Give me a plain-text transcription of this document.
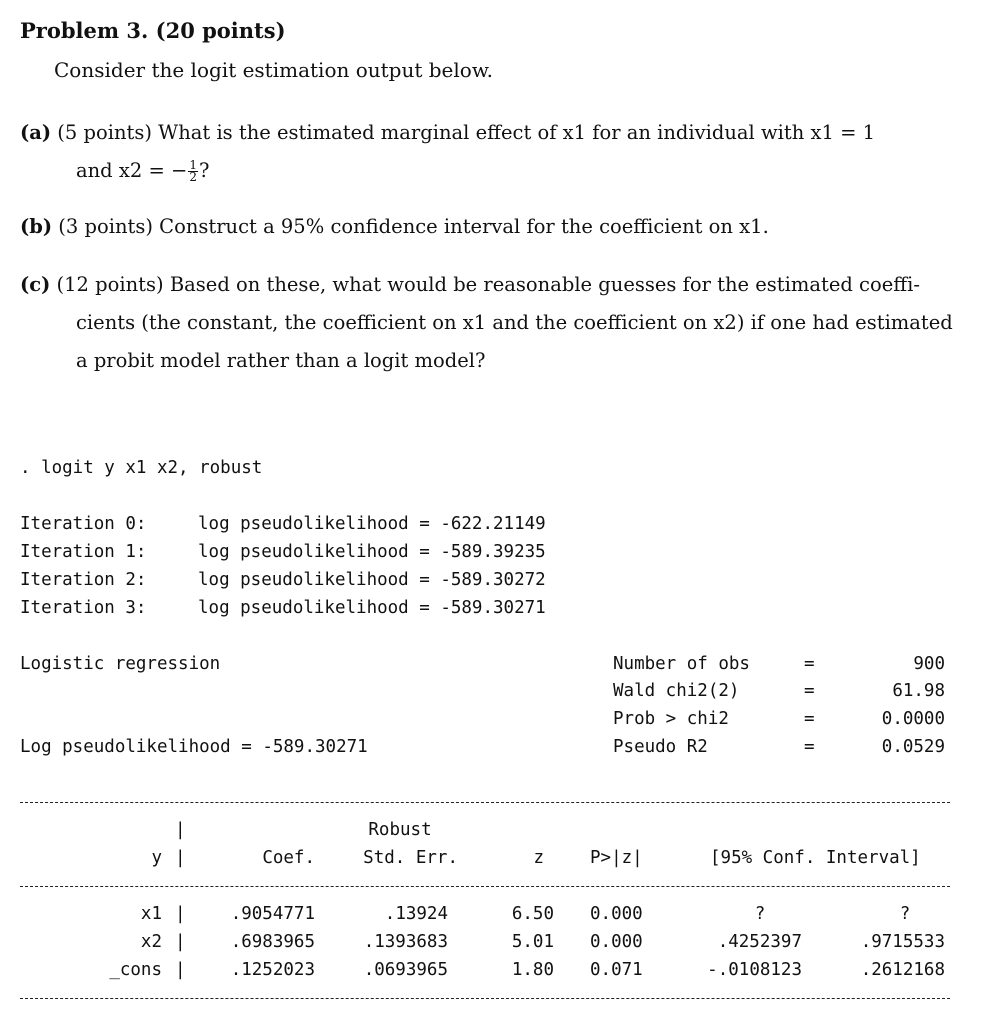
Problem 3. (20 points)
Consider the logit estimation output below.
(a) (5 points) What is the estimated marginal effect of x1 for an individual with x1 = 1
and x2 = − $\frac{1}{2}$ ?
(b) (3 points) Construct a 95% confidence interval for the coefficient on x1.
(c) (12 points) Based on these, what would be reasonable guesses for the estimated coeffi-
cients (the constant, the coefficient on x1 and the coefficient on x2) if one had estimated
a probit model rather than a logit model?
. logit y x1 x2, robust
Iteration 0:	log pseudolikelihood = -622.21149
Iteration 1:	log pseudolikelihood = -589.39235
Iteration 2:	log pseudolikelihood = -589.30272
Iteration 3:	log pseudolikelihood = -589.30271
Logistic regression	Number of obs	=	900
Wald chi2(2)	=	61.98
Prob > chi2	=	0.0000
Pseudo R2	=	0.0529
Log pseudolikelihood = -589.30271
|	Robust
y |	Coef.	Std. Err.	z	P>|z|	[95% Conf. Interval]
x1 |	.9054771	.13924	6.50 0.000	?	?
x2 |	.6983965	.1393683	5.01 0.000	.4252397	.9715533
_cons |	.1252023	.0693965	1.80 0.071	-.0108123	.2612168
